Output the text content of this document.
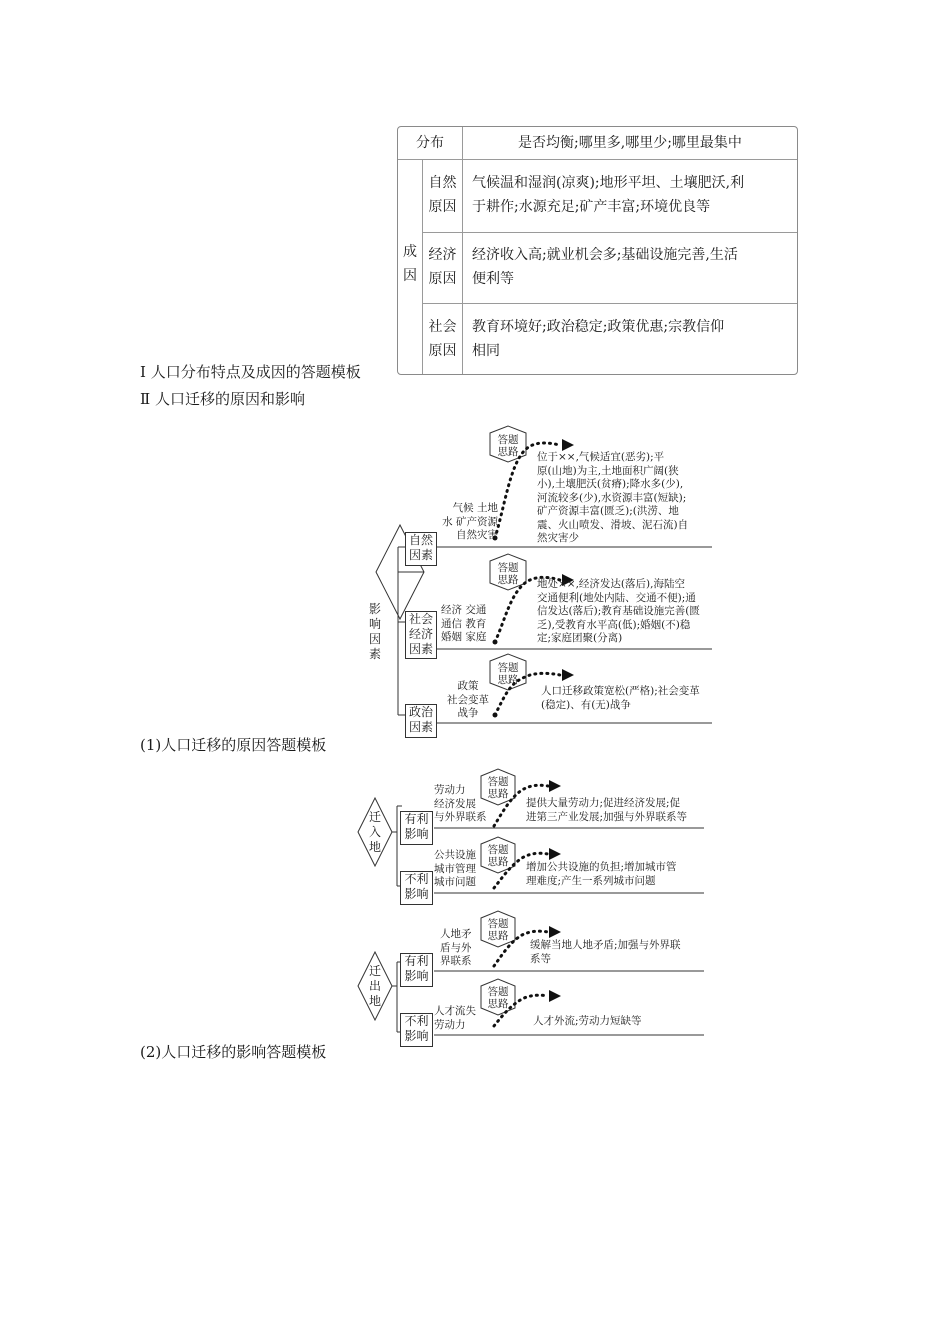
分布	是否均衡;哪里多,哪里少;哪里最集中
成
因
自然
原因
气候温和湿润(凉爽);地形平坦、土壤肥沃,利
于耕作;水源充足;矿产丰富;环境优良等
经济
原因
经济收入高;就业机会多;基础设施完善,生活
便利等
社会
原因
教育环境好;政治稳定;政策优惠;宗教信仰
相同
Ⅰ 人口分布特点及成因的答题模板
Ⅱ 人口迁移的原因和影响
影
响
因
素
答题
思路
答题
思路
答题
思路
自然
因素
社会
经济
因素
政治
因素
气候 土地
水 矿产资源
自然灾害
经济 交通
通信 教育
婚姻 家庭
政策
社会变革
战争
位于××,气候适宜(恶劣);平
原(山地)为主,土地面积广阔(狭
小),土壤肥沃(贫瘠);降水多(少),
河流较多(少),水资源丰富(短缺);
矿产资源丰富(匮乏);(洪涝、地
震、火山喷发、滑坡、泥石流)自
然灾害少
地处××,经济发达(落后),海陆空
交通便利(地处内陆、交通不便);通
信发达(落后);教育基础设施完善(匮
乏),受教育水平高(低);婚姻(不)稳
定;家庭团聚(分离)
人口迁移政策宽松(严格);社会变革
(稳定)、有(无)战争
(1)人口迁移的原因答题模板
迁
入
地
答题
思路
答题
思路
有利
影响
不利
影响
劳动力
经济发展
与外界联系
公共设施
城市管理
城市问题
提供大量劳动力;促进经济发展;促
进第三产业发展;加强与外界联系等
增加公共设施的负担;增加城市管
理难度;产生一系列城市问题
迁
出
地
答题
思路
答题
思路
有利
影响
不利
影响
人地矛
盾与外
界联系
人才流失
劳动力
缓解当地人地矛盾;加强与外界联
系等
人才外流;劳动力短缺等
(2)人口迁移的影响答题模板
